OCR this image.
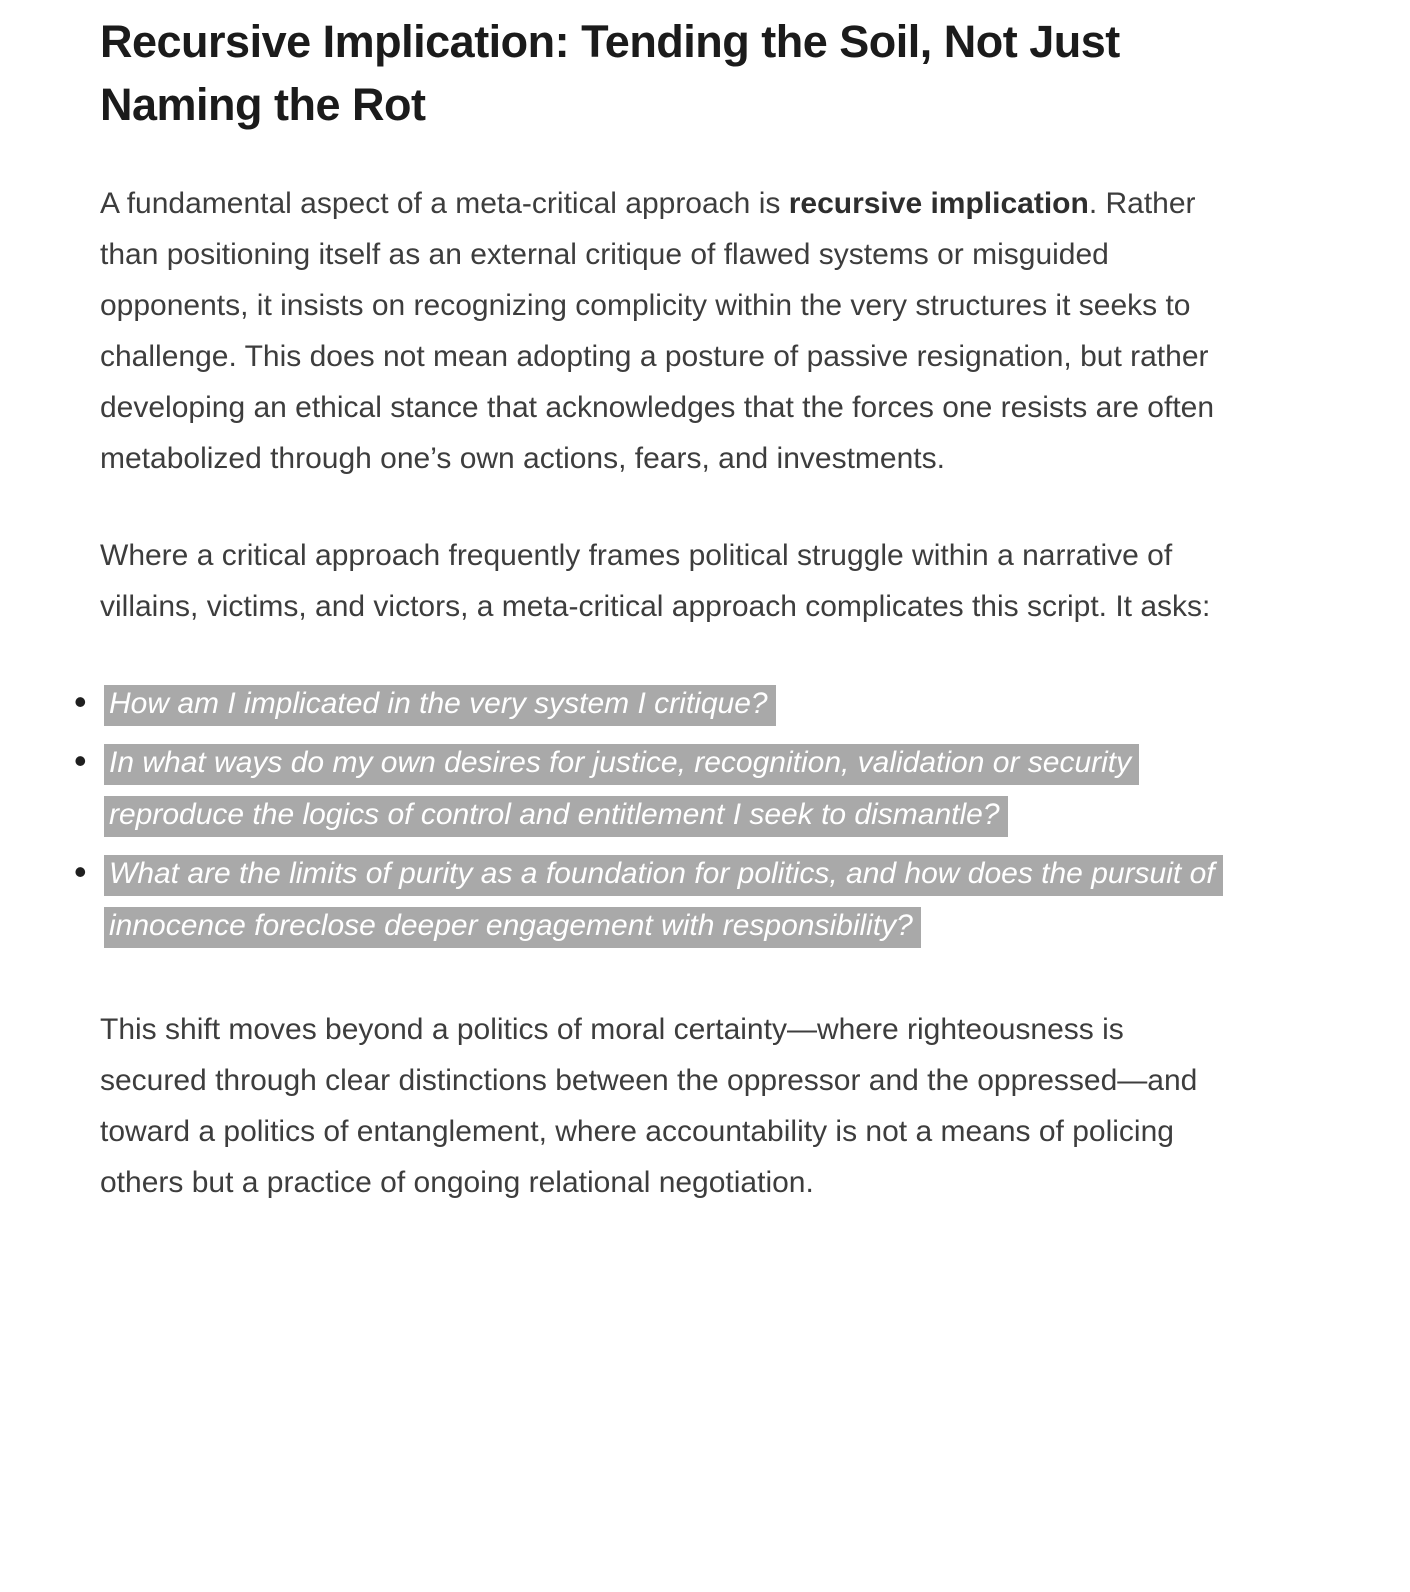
Recursive Implication: Tending the Soil, Not Just Naming the Rot

A fundamental aspect of a meta-critical approach is recursive implication. Rather than positioning itself as an external critique of flawed systems or misguided opponents, it insists on recognizing complicity within the very structures it seeks to challenge. This does not mean adopting a posture of passive resignation, but rather developing an ethical stance that acknowledges that the forces one resists are often metabolized through one’s own actions, fears, and investments.

Where a critical approach frequently frames political struggle within a narrative of villains, victims, and victors, a meta-critical approach complicates this script. It asks:

• How am I implicated in the very system I critique?
• In what ways do my own desires for justice, recognition, validation or security reproduce the logics of control and entitlement I seek to dismantle?
• What are the limits of purity as a foundation for politics, and how does the pursuit of innocence foreclose deeper engagement with responsibility?

This shift moves beyond a politics of moral certainty—where righteousness is secured through clear distinctions between the oppressor and the oppressed—and toward a politics of entanglement, where accountability is not a means of policing others but a practice of ongoing relational negotiation.
